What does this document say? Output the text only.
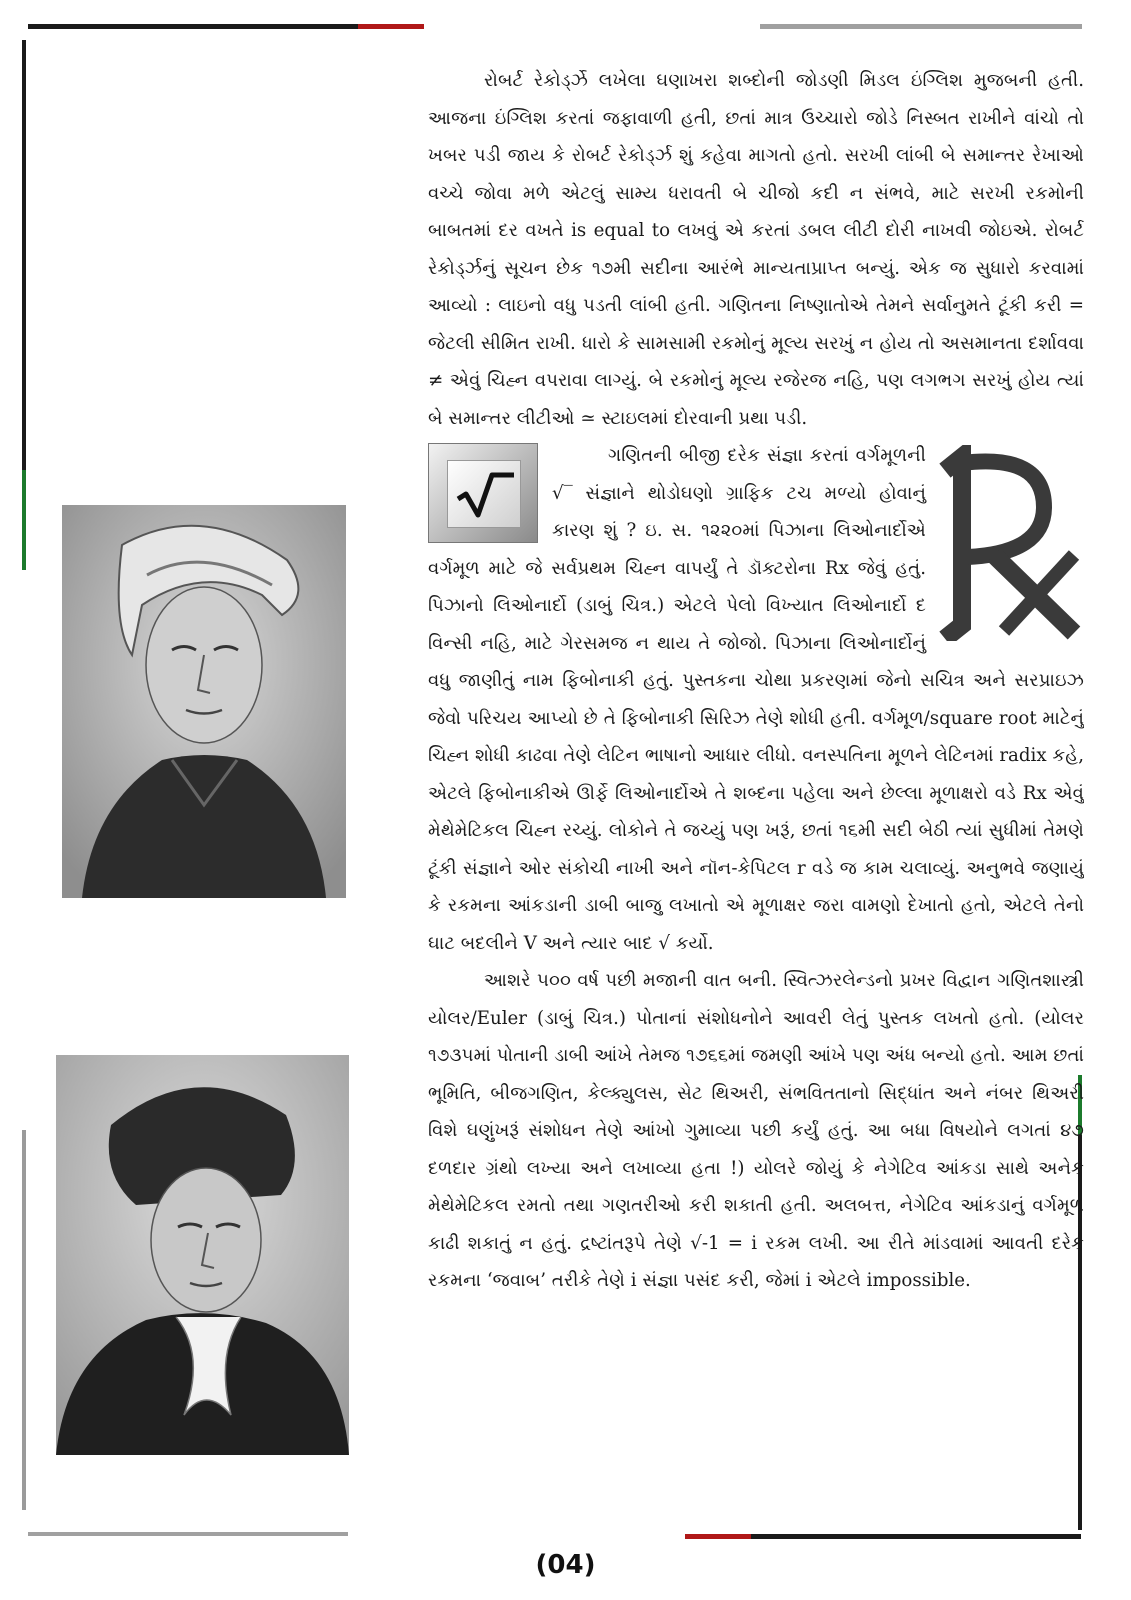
રોબર્ટ રેકોર્ડ્ઝે લખેલા ઘણાખરા શબ્દોની જોડણી મિડલ ઇંગ્લિશ મુજબની હતી. આજના ઇંગ્લિશ કરતાં જફાવાળી હતી, છતાં માત્ર ઉચ્ચારો જોડે નિસ્બત રાખીને વાંચો તો ખબર પડી જાય કે રોબર્ટ રેકોર્ડ્ઝ શું કહેવા માગતો હતો. સરખી લાંબી બે સમાન્તર રેખાઓ વચ્ચે જોવા મળે એટલું સામ્ય ધરાવતી બે ચીજો કદી ન સંભવે, માટે સરખી રકમોની બાબતમાં દર વખતે is equal to લખવું એ કરતાં ડબલ લીટી દોરી નાખવી જોઇએ. રોબર્ટ રેકોર્ડ્ઝનું સૂચન છેક ૧૭મી સદીના આરંભે માન્યતાપ્રાપ્ત બન્યું. એક જ સુધારો કરવામાં આવ્યો : લાઇનો વધુ પડતી લાંબી હતી. ગણિતના નિષ્ણાતોએ તેમને સર્વાનુમતે ટૂંકી કરી = જેટલી સીમિત રાખી. ધારો કે સામસામી રકમોનું મૂલ્ય સરખું ન હોય તો અસમાનતા દર્શાવવા ≠ એવું ચિહ્ન વપરાવા લાગ્યું. બે રકમોનું મૂલ્ય રજેરજ નહિ, પણ લગભગ સરખું હોય ત્યાં બે સમાન્તર લીટીઓ ≃ સ્ટાઇલમાં દોરવાની પ્રથા પડી.

ગણિતની બીજી દરેક સંજ્ઞા કરતાં વર્ગમૂળની √‾ સંજ્ઞાને થોડોઘણો ગ્રાફિક ટચ મળ્યો હોવાનું કારણ શું ? ઇ. સ. ૧૨૨૦માં પિઝાના લિઓનાર્દોએ વર્ગમૂળ માટે જે સર્વપ્રથમ ચિહ્ન વાપર્યું તે ડૉક્ટરોના Rx જેવું હતું. પિઝાનો લિઓનાર્દો (ડાબું ચિત્ર.) એટલે પેલો વિખ્યાત લિઓનાર્દો દ વિન્સી નહિ, માટે ગેરસમજ ન થાય તે જોજો. પિઝાના લિઓનાર્દોનું વધુ જાણીતું નામ ફિબોનાકી હતું. પુસ્તકના ચોથા પ્રકરણમાં જેનો સચિત્ર અને સરપ્રાઇઝ જેવો પરિચય આપ્યો છે તે ફિબોનાકી સિરિઝ તેણે શોધી હતી. વર્ગમૂળ/square root માટેનું ચિહ્ન શોધી કાઢવા તેણે લેટિન ભાષાનો આધાર લીધો. વનસ્પતિના મૂળને લેટિનમાં radix કહે, એટલે ફિબોનાકીએ ઊર્ફે લિઓનાર્દોએ તે શબ્દના પહેલા અને છેલ્લા મૂળાક્ષરો વડે Rx એવું મેથેમેટિકલ ચિહ્ન રચ્યું. લોકોને તે જચ્યું પણ ખરૂં, છતાં ૧૬મી સદી બેઠી ત્યાં સુધીમાં તેમણે ટૂંકી સંજ્ઞાને ઓર સંકોચી નાખી અને નૉન-કેપિટલ r વડે જ કામ ચલાવ્યું. અનુભવે જણાયું કે રકમના આંકડાની ડાબી બાજુ લખાતો એ મૂળાક્ષર જરા વામણો દેખાતો હતો, એટલે તેનો ઘાટ બદલીને V અને ત્યાર બાદ √ કર્યો.

આશરે ૫૦૦ વર્ષ પછી મજાની વાત બની. સ્વિત્ઝરલેન્ડનો પ્રખર વિદ્વાન ગણિતશાસ્ત્રી યોલર/Euler (ડાબું ચિત્ર.) પોતાનાં સંશોધનોને આવરી લેતું પુસ્તક લખતો હતો. (યોલર ૧૭૩૫માં પોતાની ડાબી આંખે તેમજ ૧૭૬૬માં જમણી આંખે પણ અંધ બન્યો હતો. આમ છતાં ભૂમિતિ, બીજગણિત, કેલ્ક્યુલસ, સેટ થિઅરી, સંભવિતતાનો સિદ્ધાંત અને નંબર થિઅરી વિશે ઘણુંખરૂં સંશોધન તેણે આંખો ગુમાવ્યા પછી કર્યું હતું. આ બધા વિષયોને લગતાં ૪૭ દળદાર ગ્રંથો લખ્યા અને લખાવ્યા હતા !) યોલરે જોયું કે નેગેટિવ આંકડા સાથે અનેક મેથેમેટિકલ રમતો તથા ગણતરીઓ કરી શકાતી હતી. અલબત્ત, નેગેટિવ આંકડાનું વર્ગમૂળ કાઢી શકાતું ન હતું. દ્રષ્ટાંતરૂપે તેણે √-1 = i રકમ લખી. આ રીતે માંડવામાં આવતી દરેક રકમના ‘જવાબ’ તરીકે તેણે i સંજ્ઞા પસંદ કરી, જેમાં i એટલે impossible.

(04)
